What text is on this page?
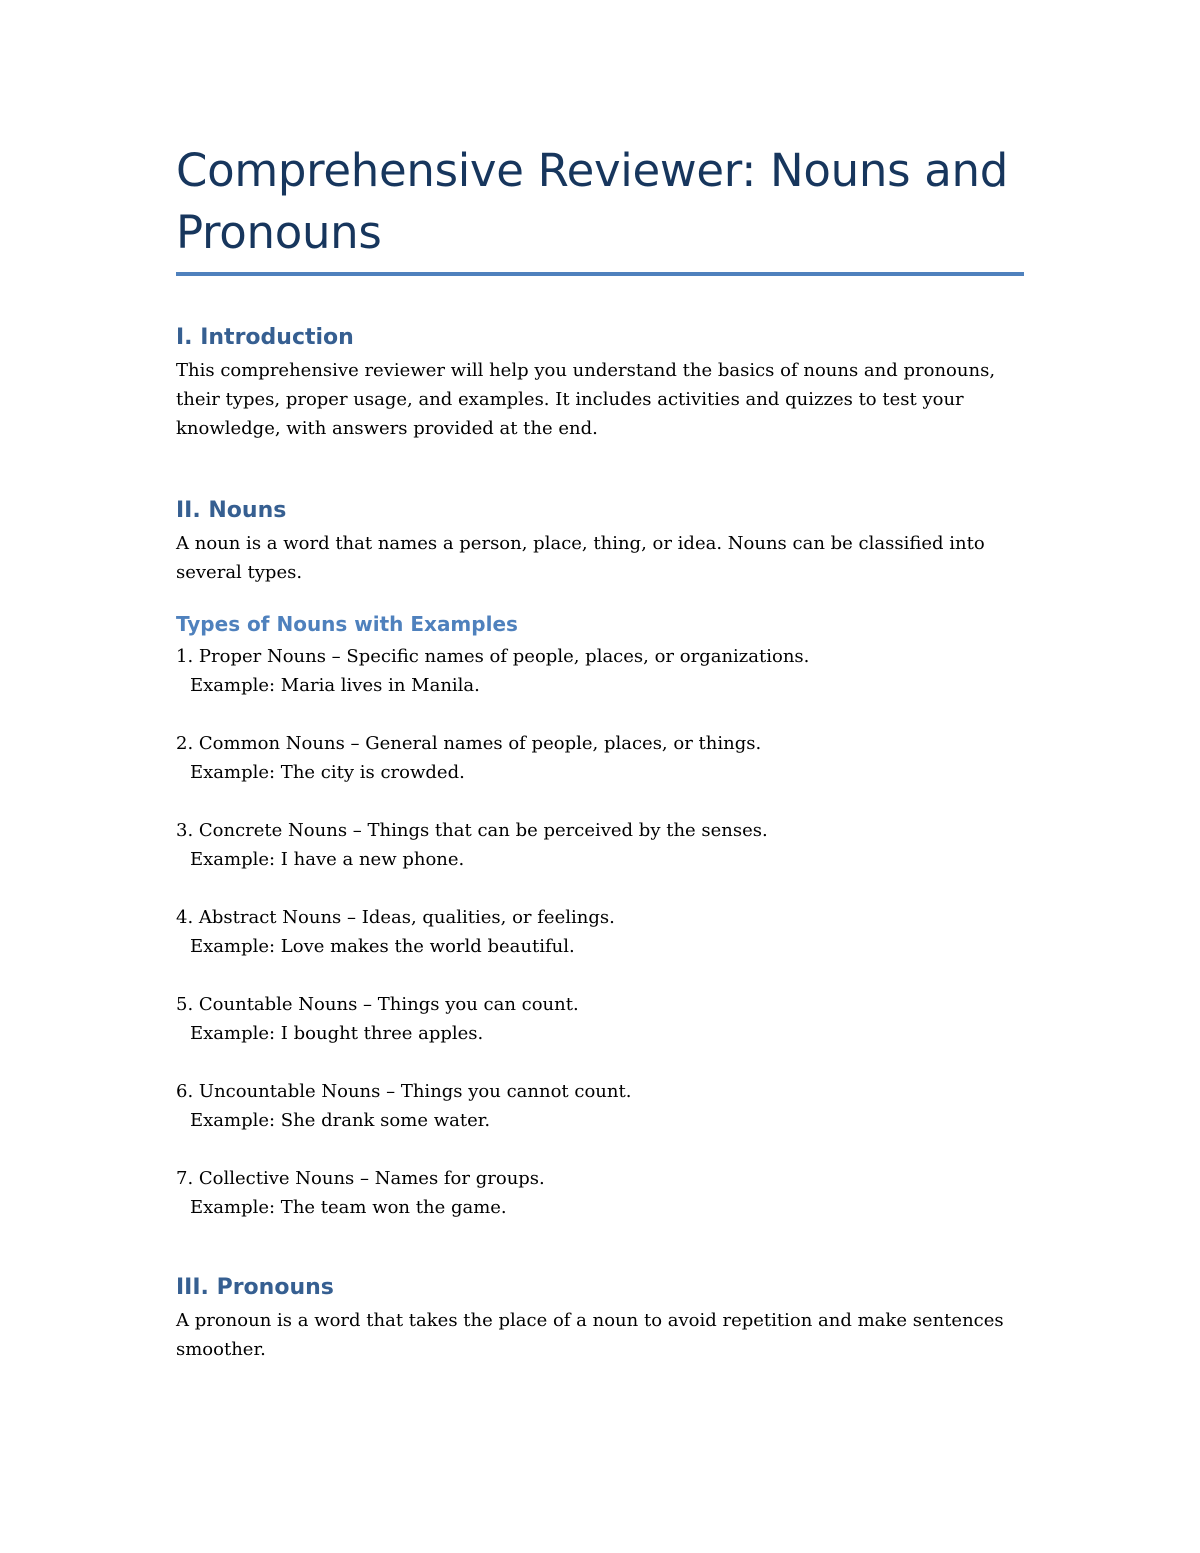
Comprehensive Reviewer: Nouns and Pronouns
I. Introduction

This comprehensive reviewer will help you understand the basics of nouns and pronouns, their types, proper usage, and examples. It includes activities and quizzes to test your knowledge, with answers provided at the end.

II. Nouns

A noun is a word that names a person, place, thing, or idea. Nouns can be classified into several types.

Types of Nouns with Examples
1. Proper Nouns – Specific names of people, places, or organizations.
Example: Maria lives in Manila.
2. Common Nouns – General names of people, places, or things.
Example: The city is crowded.
3. Concrete Nouns – Things that can be perceived by the senses.
Example: I have a new phone.
4. Abstract Nouns – Ideas, qualities, or feelings.
Example: Love makes the world beautiful.
5. Countable Nouns – Things you can count.
Example: I bought three apples.
6. Uncountable Nouns – Things you cannot count.
Example: She drank some water.
7. Collective Nouns – Names for groups.
Example: The team won the game.
III. Pronouns

A pronoun is a word that takes the place of a noun to avoid repetition and make sentences smoother.
